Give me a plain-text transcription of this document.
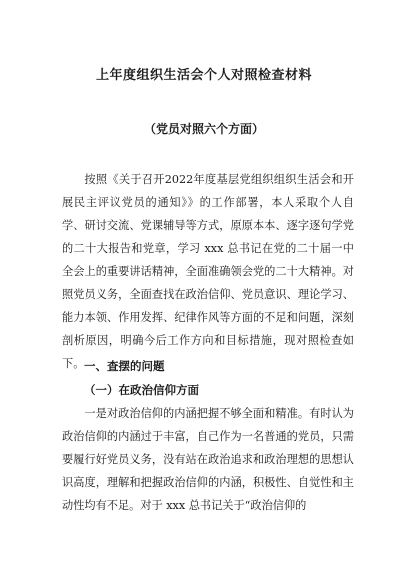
上年度组织生活会个人对照检查材料
（党员对照六个方面）
按照《关于召开2022年度基层党组织组织生活会和开展民主评议党员的通知》》的工作部署，本人采取个人自学、研讨交流、党课辅导等方式，原原本本、逐字逐句学党的二十大报告和党章，学习 xxx 总书记在党的二十届一中全会上的重要讲话精神，全面准确领会党的二十大精神。对照党员义务，全面查找在政治信仰、党员意识、理论学习、能力本领、作用发挥、纪律作风等方面的不足和问题，深刻剖析原因，明确今后工作方向和目标措施，现对照检查如下。 一、查摆的问题
（一）在政治信仰方面
一是对政治信仰的内涵把握不够全面和精准。有时认为政治信仰的内涵过于丰富，自己作为一名普通的党员，只需要履行好党员义务，没有站在政治追求和政治理想的思想认识高度，理解和把握政治信仰的内涵，积极性、自觉性和主动性均有不足。对于 xxx 总书记关于“政治信仰的
